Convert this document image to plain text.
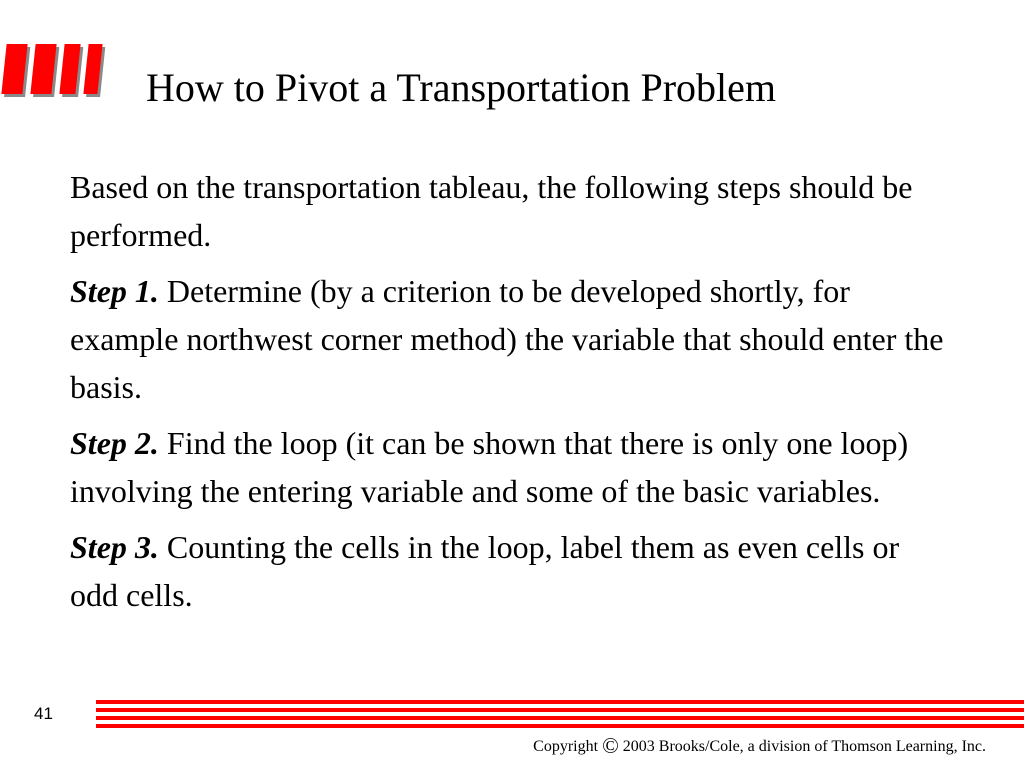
How to Pivot a Transportation Problem

Based on the transportation tableau, the following steps should be performed.

Step 1. Determine (by a criterion to be developed shortly, for example northwest corner method) the variable that should enter the basis.

Step 2. Find the loop (it can be shown that there is only one loop) involving the entering variable and some of the basic variables.

Step 3. Counting the cells in the loop, label them as even cells or odd cells.

41
Copyright © 2003 Brooks/Cole, a division of Thomson Learning, Inc.
